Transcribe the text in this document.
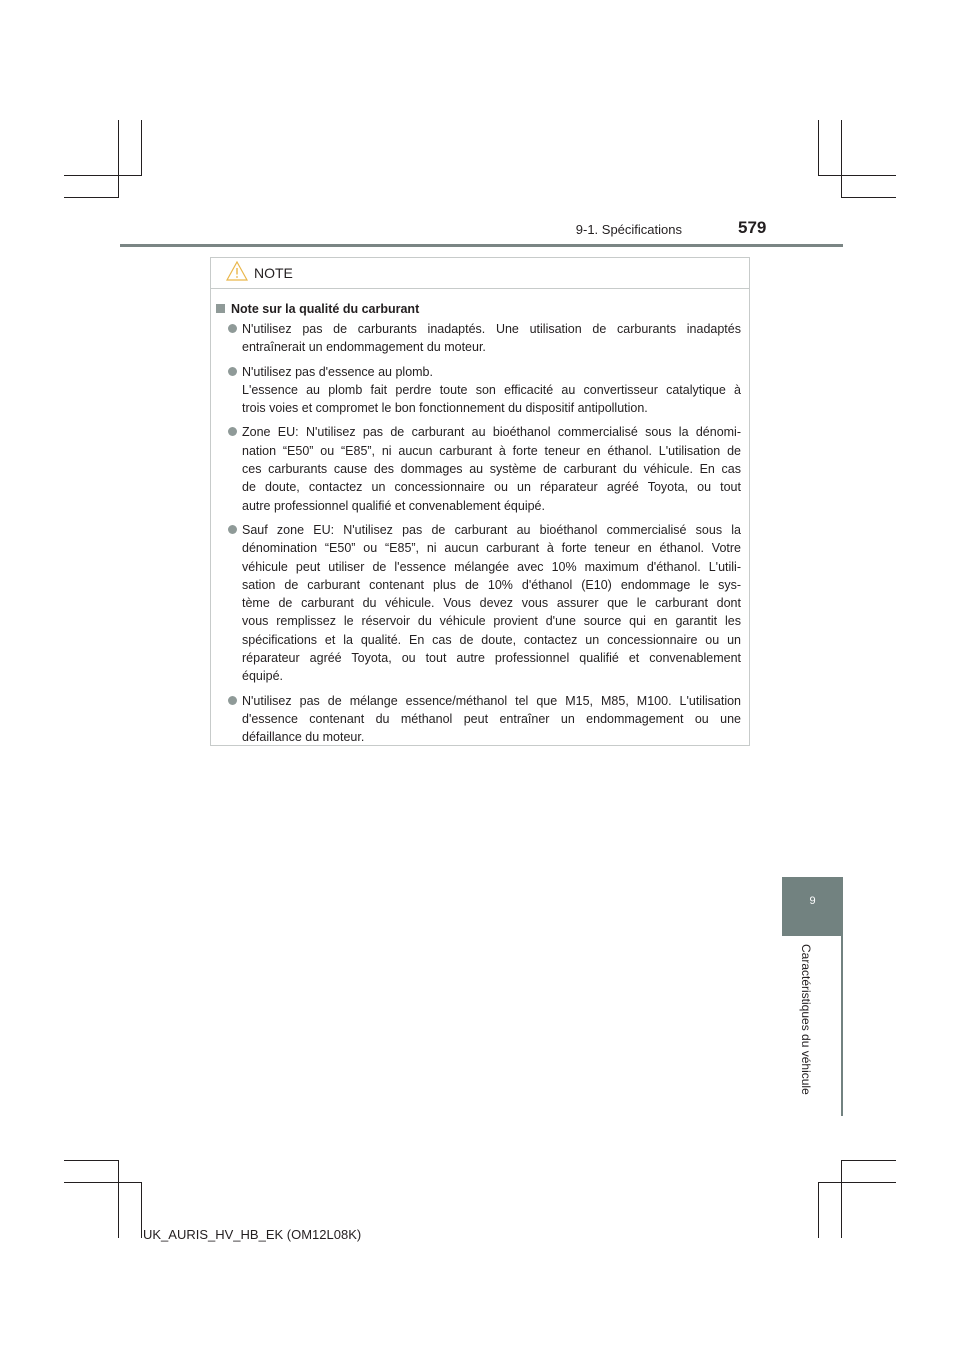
9-1. Spécifications	579
NOTE
Note sur la qualité du carburant
N'utilisez pas de carburants inadaptés. Une utilisation de carburants inadaptés
entraînerait un endommagement du moteur.
N'utilisez pas d'essence au plomb.
L'essence au plomb fait perdre toute son efficacité au convertisseur catalytique à
trois voies et compromet le bon fonctionnement du dispositif antipollution.
Zone EU: N'utilisez pas de carburant au bioéthanol commercialisé sous la dénomi-
nation “E50” ou “E85”, ni aucun carburant à forte teneur en éthanol. L'utilisation de
ces carburants cause des dommages au système de carburant du véhicule. En cas
de doute, contactez un concessionnaire ou un réparateur agréé Toyota, ou tout
autre professionnel qualifié et convenablement équipé.
Sauf zone EU: N'utilisez pas de carburant au bioéthanol commercialisé sous la
dénomination “E50” ou “E85”, ni aucun carburant à forte teneur en éthanol. Votre
véhicule peut utiliser de l'essence mélangée avec 10% maximum d'éthanol. L'utili-
sation de carburant contenant plus de 10% d'éthanol (E10) endommage le sys-
tème de carburant du véhicule. Vous devez vous assurer que le carburant dont
vous remplissez le réservoir du véhicule provient d'une source qui en garantit les
spécifications et la qualité. En cas de doute, contactez un concessionnaire ou un
réparateur agréé Toyota, ou tout autre professionnel qualifié et convenablement
équipé.
N'utilisez pas de mélange essence/méthanol tel que M15, M85, M100. L'utilisation
d'essence contenant du méthanol peut entraîner un endommagement ou une
défaillance du moteur.
9
Caractéristiques du véhicule
UK_AURIS_HV_HB_EK (OM12L08K)
